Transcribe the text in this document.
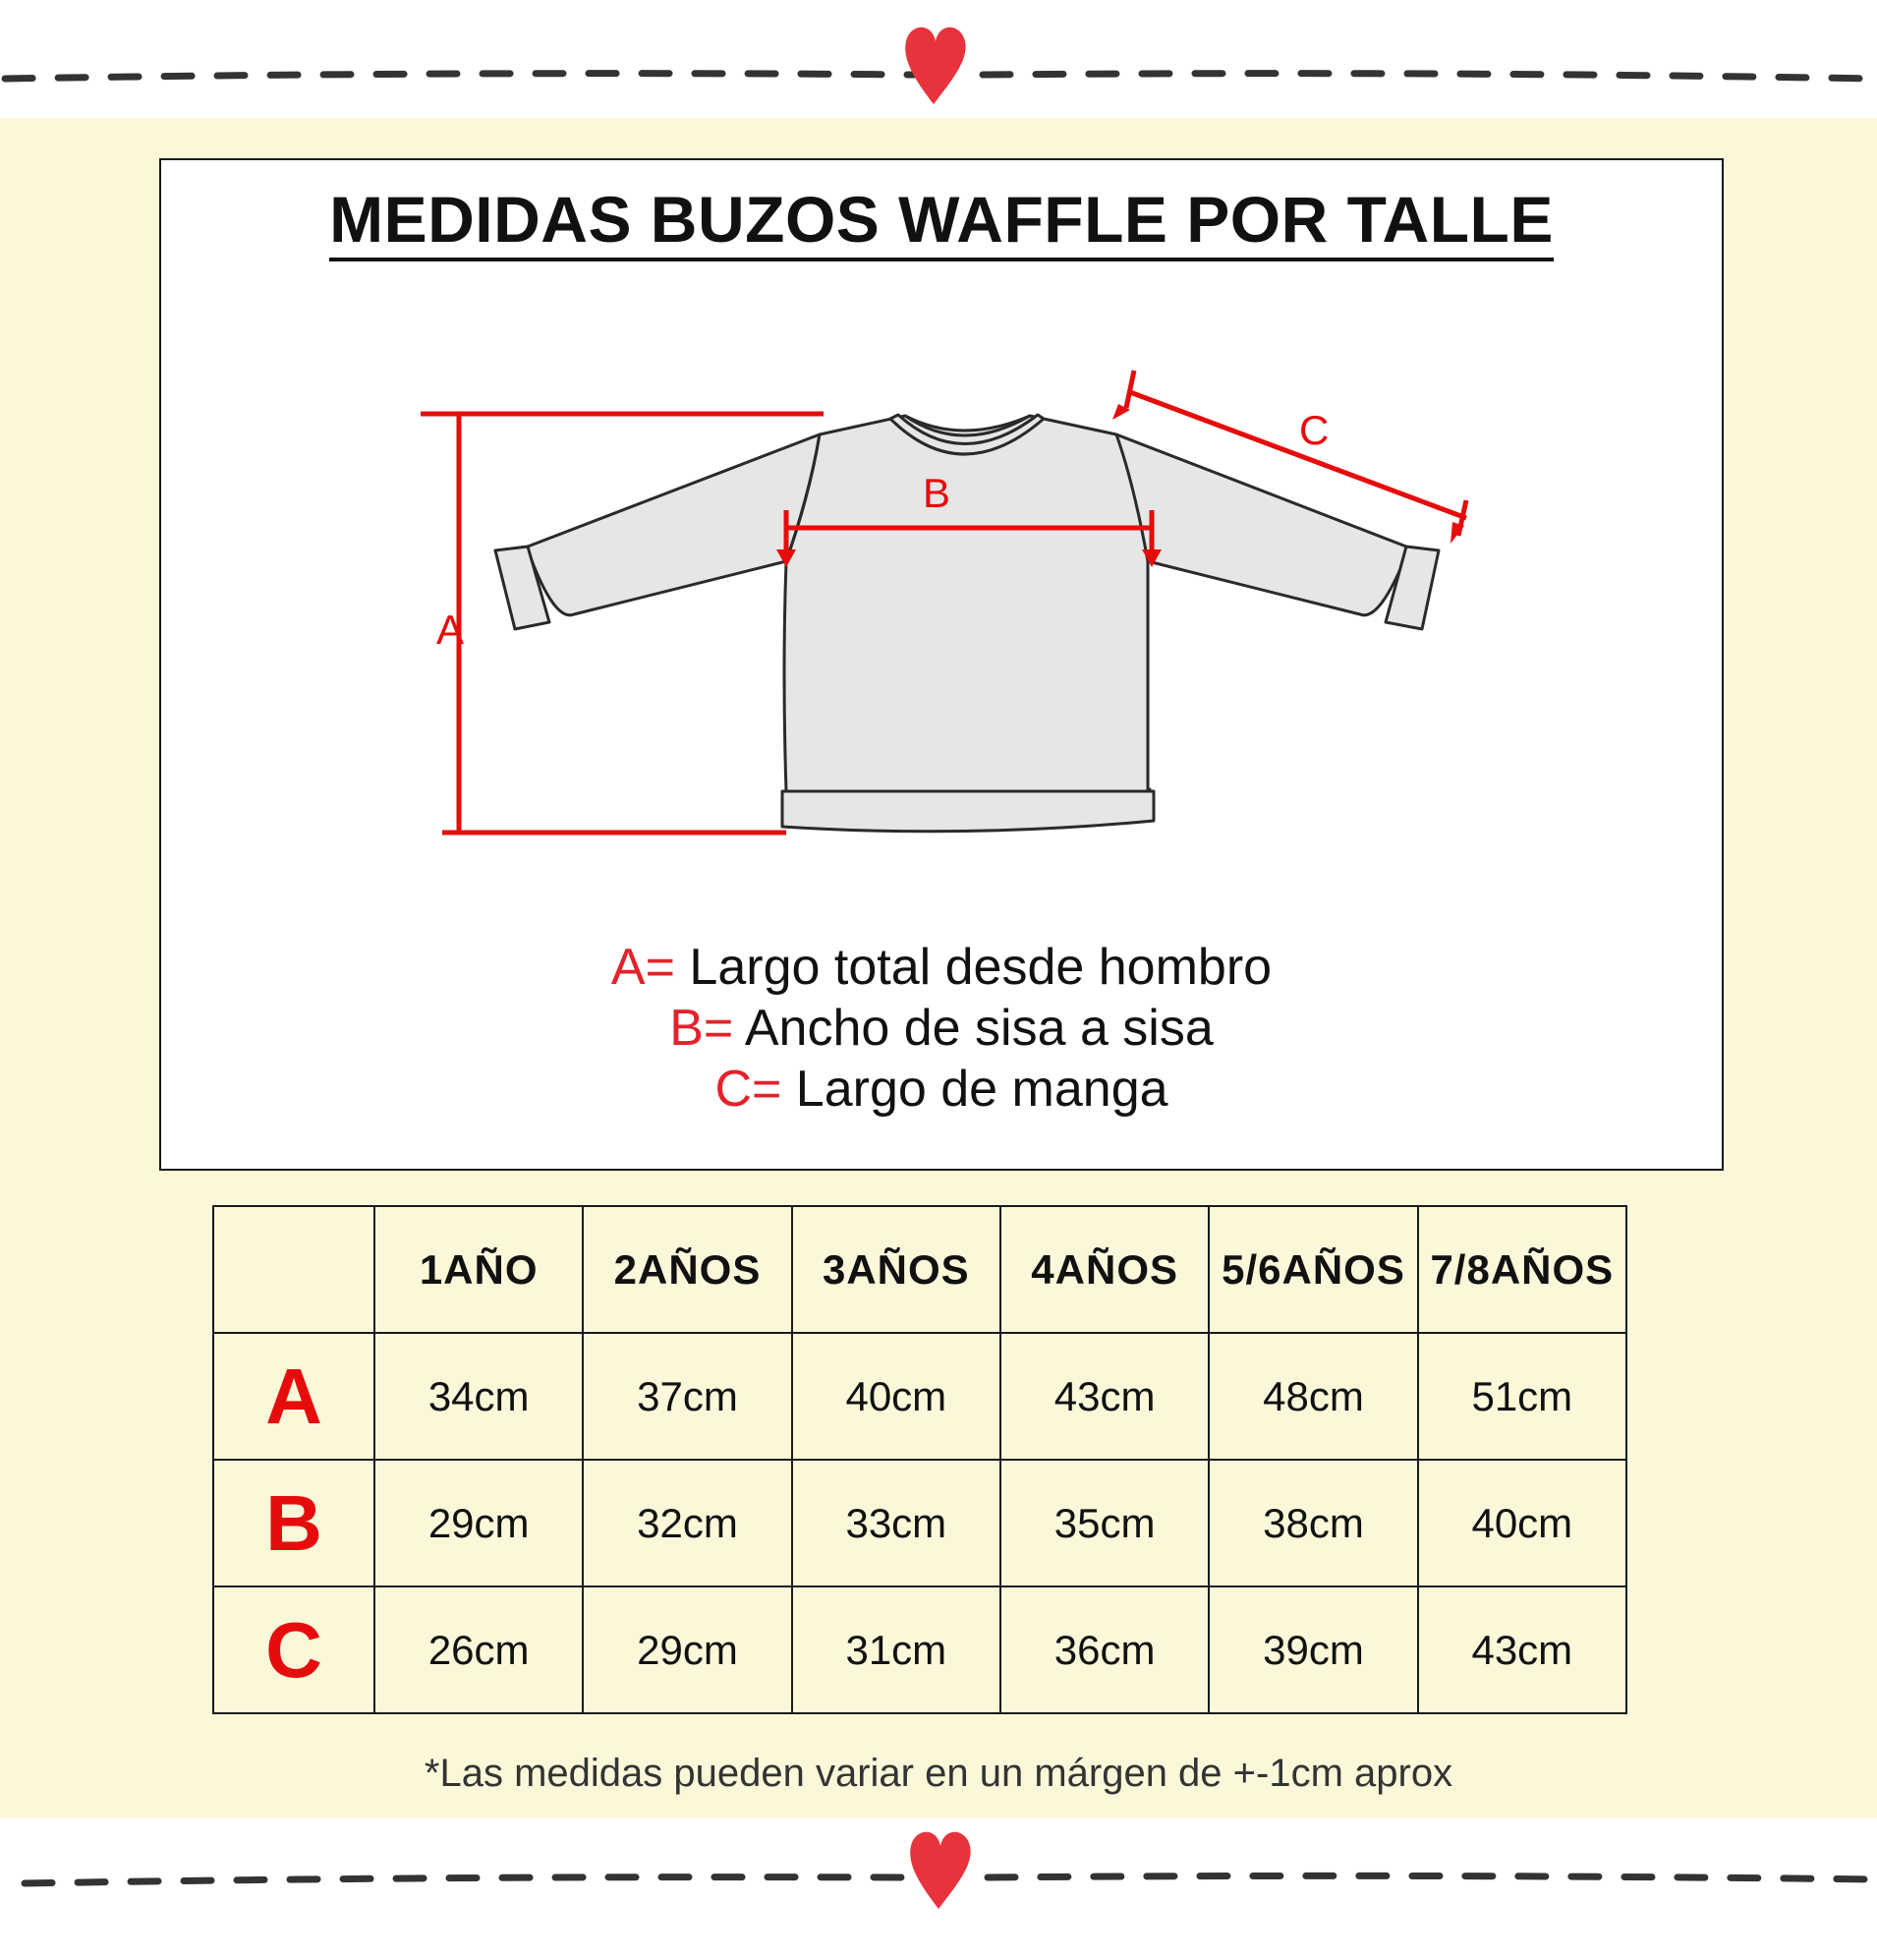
MEDIDAS BUZOS WAFFLE POR TALLE
A
B
C
A= Largo total desde hombro
B= Ancho de sisa a sisa
C= Largo de manga
	1AÑO	2AÑOS	3AÑOS	4AÑOS	5/6AÑOS	7/8AÑOS
A	34cm	37cm	40cm	43cm	48cm	51cm
B	29cm	32cm	33cm	35cm	38cm	40cm
C	26cm	29cm	31cm	36cm	39cm	43cm
*Las medidas pueden variar en un márgen de +-1cm aprox
